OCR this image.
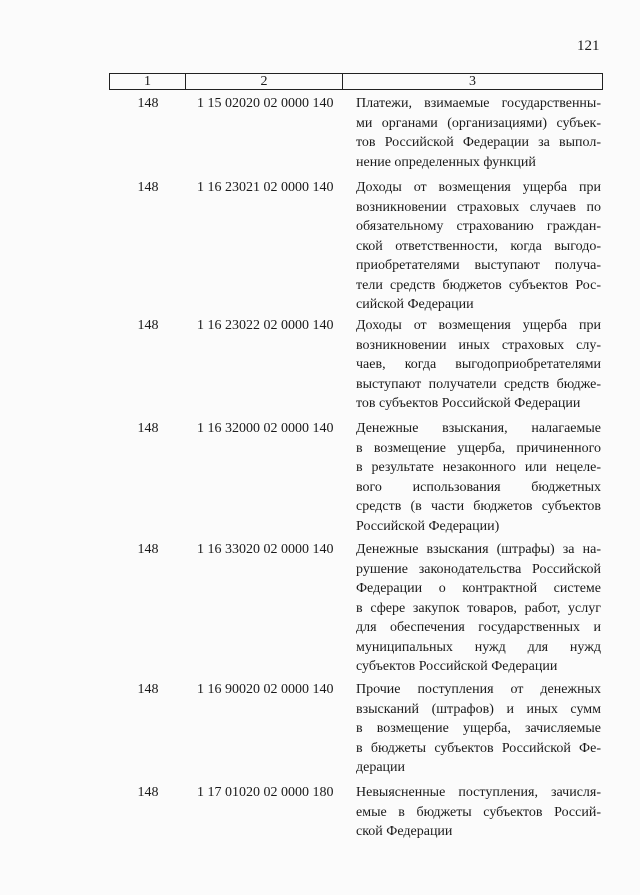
121
1	2	3
148	1 15 02020 02 0000 140	Платежи, взимаемые государственны-
ми органами (организациями) субъек-
тов Российской Федерации за выпол-
нение определенных функций
148	1 16 23021 02 0000 140	Доходы от возмещения ущерба при
возникновении страховых случаев по
обязательному страхованию граждан-
ской ответственности, когда выгодо-
приобретателями выступают получа-
тели средств бюджетов субъектов Рос-
сийской Федерации
148	1 16 23022 02 0000 140	Доходы от возмещения ущерба при
возникновении иных страховых слу-
чаев, когда выгодоприобретателями
выступают получатели средств бюдже-
тов субъектов Российской Федерации
148	1 16 32000 02 0000 140	Денежные взыскания, налагаемые
в возмещение ущерба, причиненного
в результате незаконного или нецеле-
вого использования бюджетных
средств (в части бюджетов субъектов
Российской Федерации)
148	1 16 33020 02 0000 140	Денежные взыскания (штрафы) за на-
рушение законодательства Российской
Федерации о контрактной системе
в сфере закупок товаров, работ, услуг
для обеспечения государственных и
муниципальных нужд для нужд
субъектов Российской Федерации
148	1 16 90020 02 0000 140	Прочие поступления от денежных
взысканий (штрафов) и иных сумм
в возмещение ущерба, зачисляемые
в бюджеты субъектов Российской Фе-
дерации
148	1 17 01020 02 0000 180	Невыясненные поступления, зачисля-
емые в бюджеты субъектов Россий-
ской Федерации
